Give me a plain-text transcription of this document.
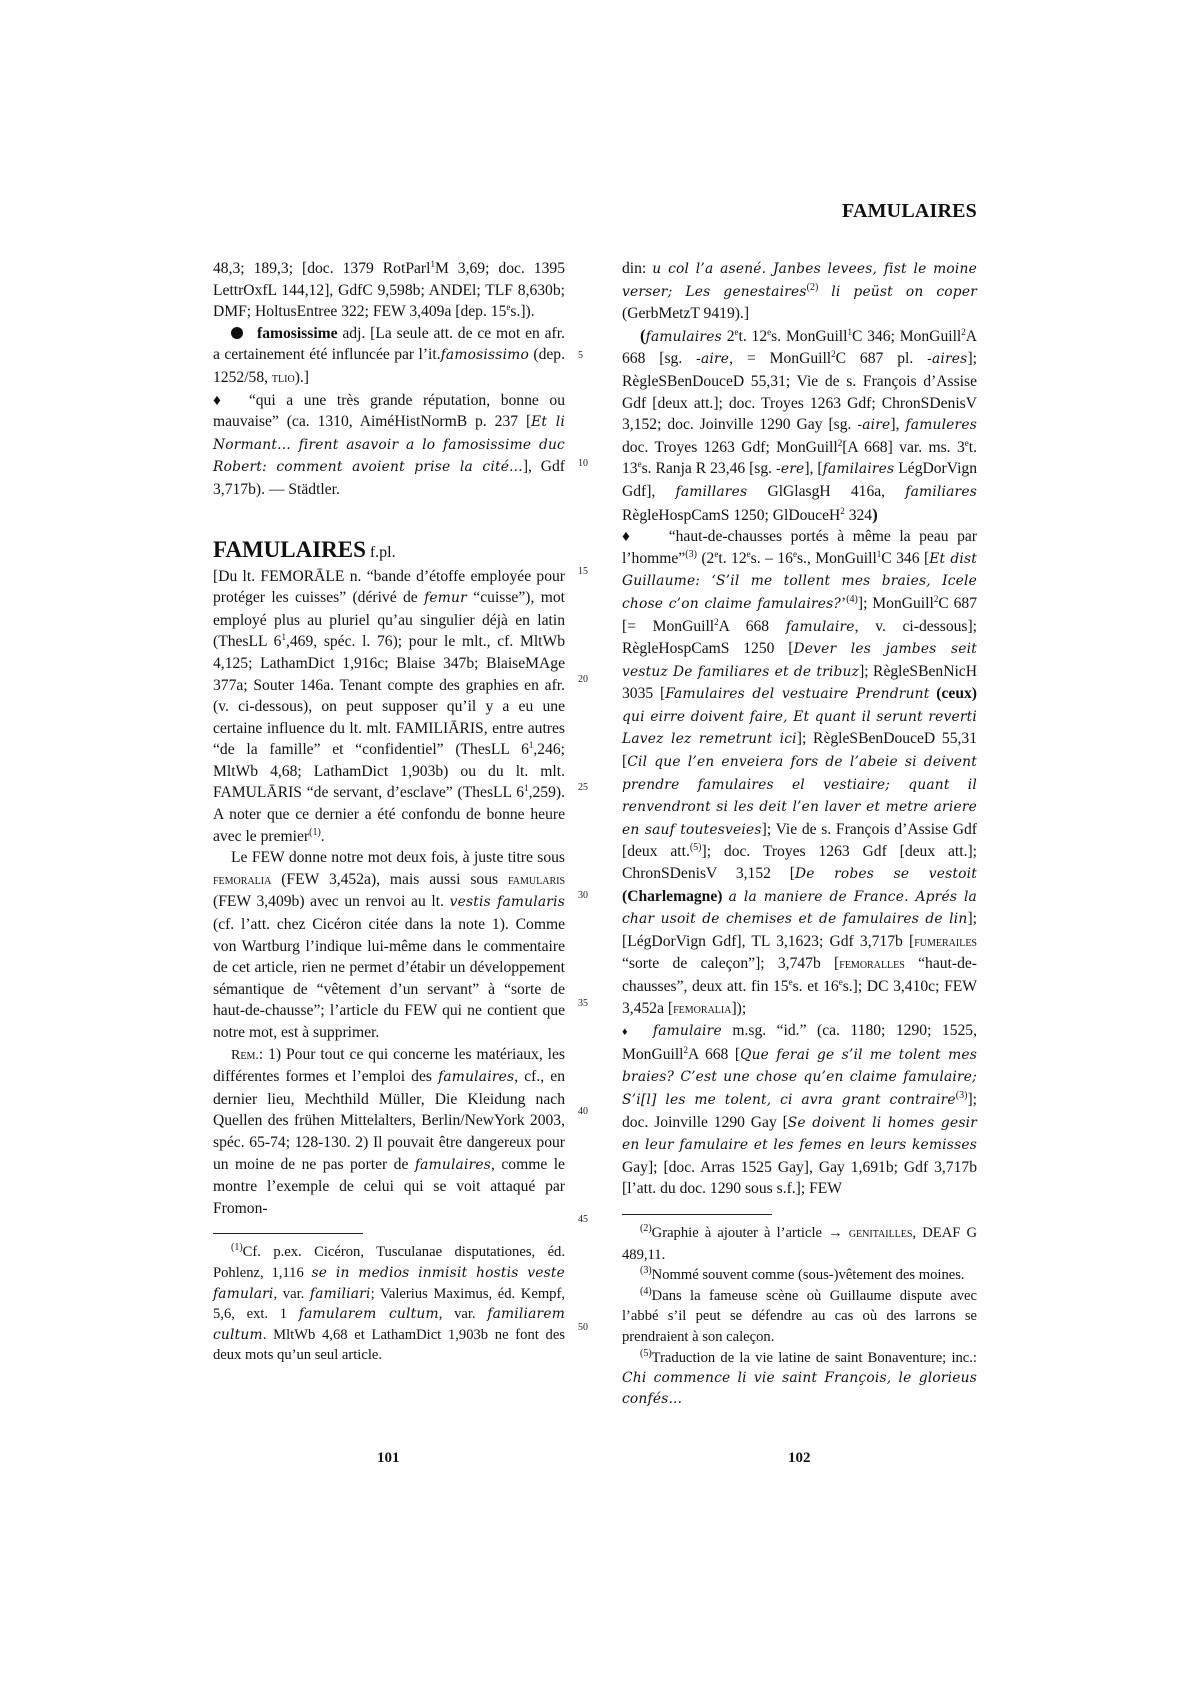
FAMULAIRES

48,3; 189,3; [doc. 1379 RotParl$^1$M 3,69; doc. 1395 LettrOxfL 144,12], GdfC 9,598b; ANDEl; TLF 8,630b; DMF; HoltusEntree 322; FEW 3,409a [dep. 15es.]).

famosissime adj. [La seule att. de ce mot en afr. a certainement été influncée par l’it.famosissimo (dep. 1252/58, tlio).]

♦  “qui a une très grande réputation, bonne ou mauvaise” (ca. 1310, AiméHistNormB p. 237 [Et li Normant... firent asavoir a lo famosissime duc Robert: comment avoient prise la cité...], Gdf 3,717b). — Städtler.

FAMULAIRES f.pl.

[Du lt. FEMORĀLE n. “bande d’étoffe employée pour protéger les cuisses” (dérivé de femur “cuisse”), mot employé plus au pluriel qu’au singulier déjà en latin (ThesLL $6^1,469$, spéc. l. 76); pour le mlt., cf. MltWb 4,125; LathamDict 1,916c; Blaise 347b; BlaiseMAge 377a; Souter 146a. Tenant compte des graphies en afr. (v. ci-dessous), on peut supposer qu’il y a eu une certaine influence du lt. mlt. FAMILIĀRIS, entre autres “de la famille” et “confidentiel” (ThesLL $6^1,246$; MltWb 4,68; LathamDict 1,903b) ou du lt. mlt. FAMULĀRIS “de servant, d’esclave” (ThesLL $6^1,259$). A noter que ce dernier a été confondu de bonne heure avec le premier$^{(1)}$.

Le FEW donne notre mot deux fois, à juste titre sous femoralia (FEW 3,452a), mais aussi sous famularis (FEW 3,409b) avec un renvoi au lt. vestis famularis (cf. l’att. chez Cicéron citée dans la note 1). Comme von Wartburg l’indique lui-même dans le commentaire de cet article, rien ne permet d’étabir un développement sémantique de “vêtement d’un servant” à “sorte de haut-de-chausse”; l’article du FEW qui ne contient que notre mot, est à supprimer.

Rem.: 1) Pour tout ce qui concerne les matériaux, les différentes formes et l’emploi des famulaires, cf., en dernier lieu, Mechthild Müller, Die Kleidung nach Quellen des frühen Mittelalters, Berlin/NewYork 2003, spéc. 65-74; 128-130. 2) Il pouvait être dangereux pour un moine de ne pas porter de famulaires, comme le montre l’exemple de celui qui se voit attaqué par Fromon-

$^{(1)}$Cf. p.ex. Cicéron, Tusculanae disputationes, éd. Pohlenz, 1,116 se in medios inmisit hostis veste famulari, var. familiari; Valerius Maximus, éd. Kempf, 5,6, ext. 1 famularem cultum, var. familiarem cultum. MltWb 4,68 et LathamDict 1,903b ne font des deux mots qu’un seul article.

5
10
15
20
25
30
35
40
45
50

din: u col l’a asené. Janbes levees, fist le moine verser; Les genestaires$^{(2)}$ li peüst on coper (GerbMetzT 9419).]

(famulaires 2et. 12es. MonGuill$^1$C 346; MonGuill$^2$A 668 [sg. -aire, = MonGuill$^2$C 687 pl. -aires]; RègleSBenDouceD 55,31; Vie de s. François d’Assise Gdf [deux att.]; doc. Troyes 1263 Gdf; ChronSDenisV 3,152; doc. Joinville 1290 Gay [sg. -aire], famuleres doc. Troyes 1263 Gdf; MonGuill$^2$[A 668] var. ms. 3et. 13es. Ranja R 23,46 [sg. -ere], [familaires LégDorVign Gdf], famillares GlGlasgH 416a, familiares RègleHospCamS 1250; GlDouceH$^2$ 324)

♦    “haut-de-chausses portés à même la peau par l’homme”$^{(3)}$ (2et. 12es. – 16es., MonGuill$^1$C 346 [Et dist Guillaume: ‘S’il me tollent mes braies, Icele chose c’on claime famulaires?’$^{(4)}$]; MonGuill$^2$C 687 [= MonGuill$^2$A 668 famulaire, v. ci-dessous]; RègleHospCamS 1250 [Dever les jambes seit vestuz De familiares et de tribuz]; RègleSBenNicH 3035 [Famulaires del vestuaire Prendrunt (ceux) qui eirre doivent faire, Et quant il serunt reverti Lavez lez remetrunt ici]; RègleSBenDouceD 55,31 [Cil que l’en enveiera fors de l’abeie si deivent prendre famulaires el vestiaire; quant il renvendront si les deit l’en laver et metre ariere en sauf toutesveies]; Vie de s. François d’Assise Gdf [deux att.$^{(5)}$]; doc. Troyes 1263 Gdf [deux att.]; ChronSDenisV 3,152 [De robes se vestoit (Charlemagne) a la maniere de France. Aprés la char usoit de chemises et de famulaires de lin]; [LégDorVign Gdf], TL 3,1623; Gdf 3,717b [fumerailes “sorte de caleçon”]; 3,747b [femoralles “haut-de-chausses”, deux att. fin 15es. et 16es.]; DC 3,410c; FEW 3,452a [femoralia]);

♦  famulaire m.sg. “id.” (ca. 1180; 1290; 1525, MonGuill$^2$A 668 [Que ferai ge s’il me tolent mes braies? C’est une chose qu’en claime famulaire; S’i[l] les me tolent, ci avra grant contraire$^{(3)}$]; doc. Joinville 1290 Gay [Se doivent li homes gesir en leur famulaire et les femes en leurs kemisses Gay]; [doc. Arras 1525 Gay], Gay 1,691b; Gdf 3,717b [l’att. du doc. 1290 sous s.f.]; FEW

$^{(2)}$Graphie à ajouter à l’article → genitailles, DEAF G 489,11.

$^{(3)}$Nommé souvent comme (sous-)vêtement des moines.

$^{(4)}$Dans la fameuse scène où Guillaume dispute avec l’abbé s’il peut se défendre au cas où des larrons se prendraient à son caleçon.

$^{(5)}$Traduction de la vie latine de saint Bonaventure; inc.: Chi commence li vie saint François, le glorieus confés...

101	102
